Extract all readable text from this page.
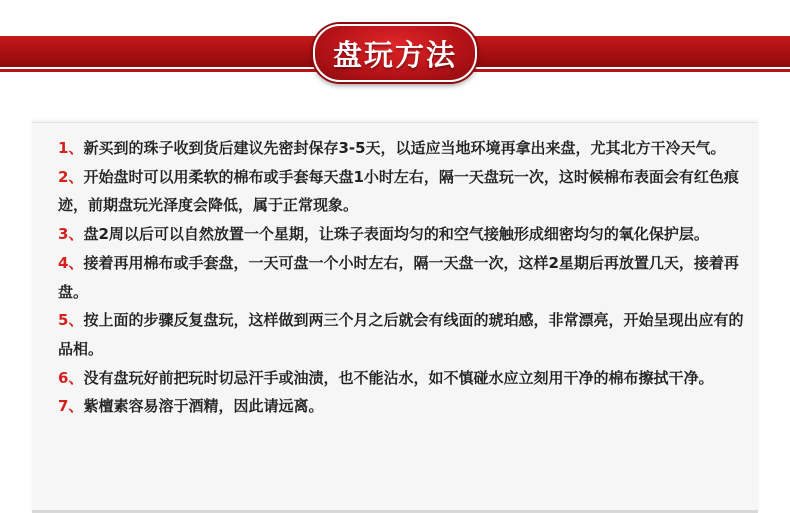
盘玩方法
1、新买到的珠子收到货后建议先密封保存3-5天，以适应当地环境再拿出来盘，尤其北方干冷天气。
2、开始盘时可以用柔软的棉布或手套每天盘1小时左右，隔一天盘玩一次，这时候棉布表面会有红色痕迹，前期盘玩光泽度会降低，属于正常现象。
3、盘2周以后可以自然放置一个星期，让珠子表面均匀的和空气接触形成细密均匀的氧化保护层。
4、接着再用棉布或手套盘，一天可盘一个小时左右，隔一天盘一次，这样2星期后再放置几天，接着再盘。
5、按上面的步骤反复盘玩，这样做到两三个月之后就会有线面的琥珀感，非常漂亮，开始呈现出应有的品相。
6、没有盘玩好前把玩时切忌汗手或油渍，也不能沾水，如不慎碰水应立刻用干净的棉布擦拭干净。
7、紫檀素容易溶于酒精，因此请远离。
